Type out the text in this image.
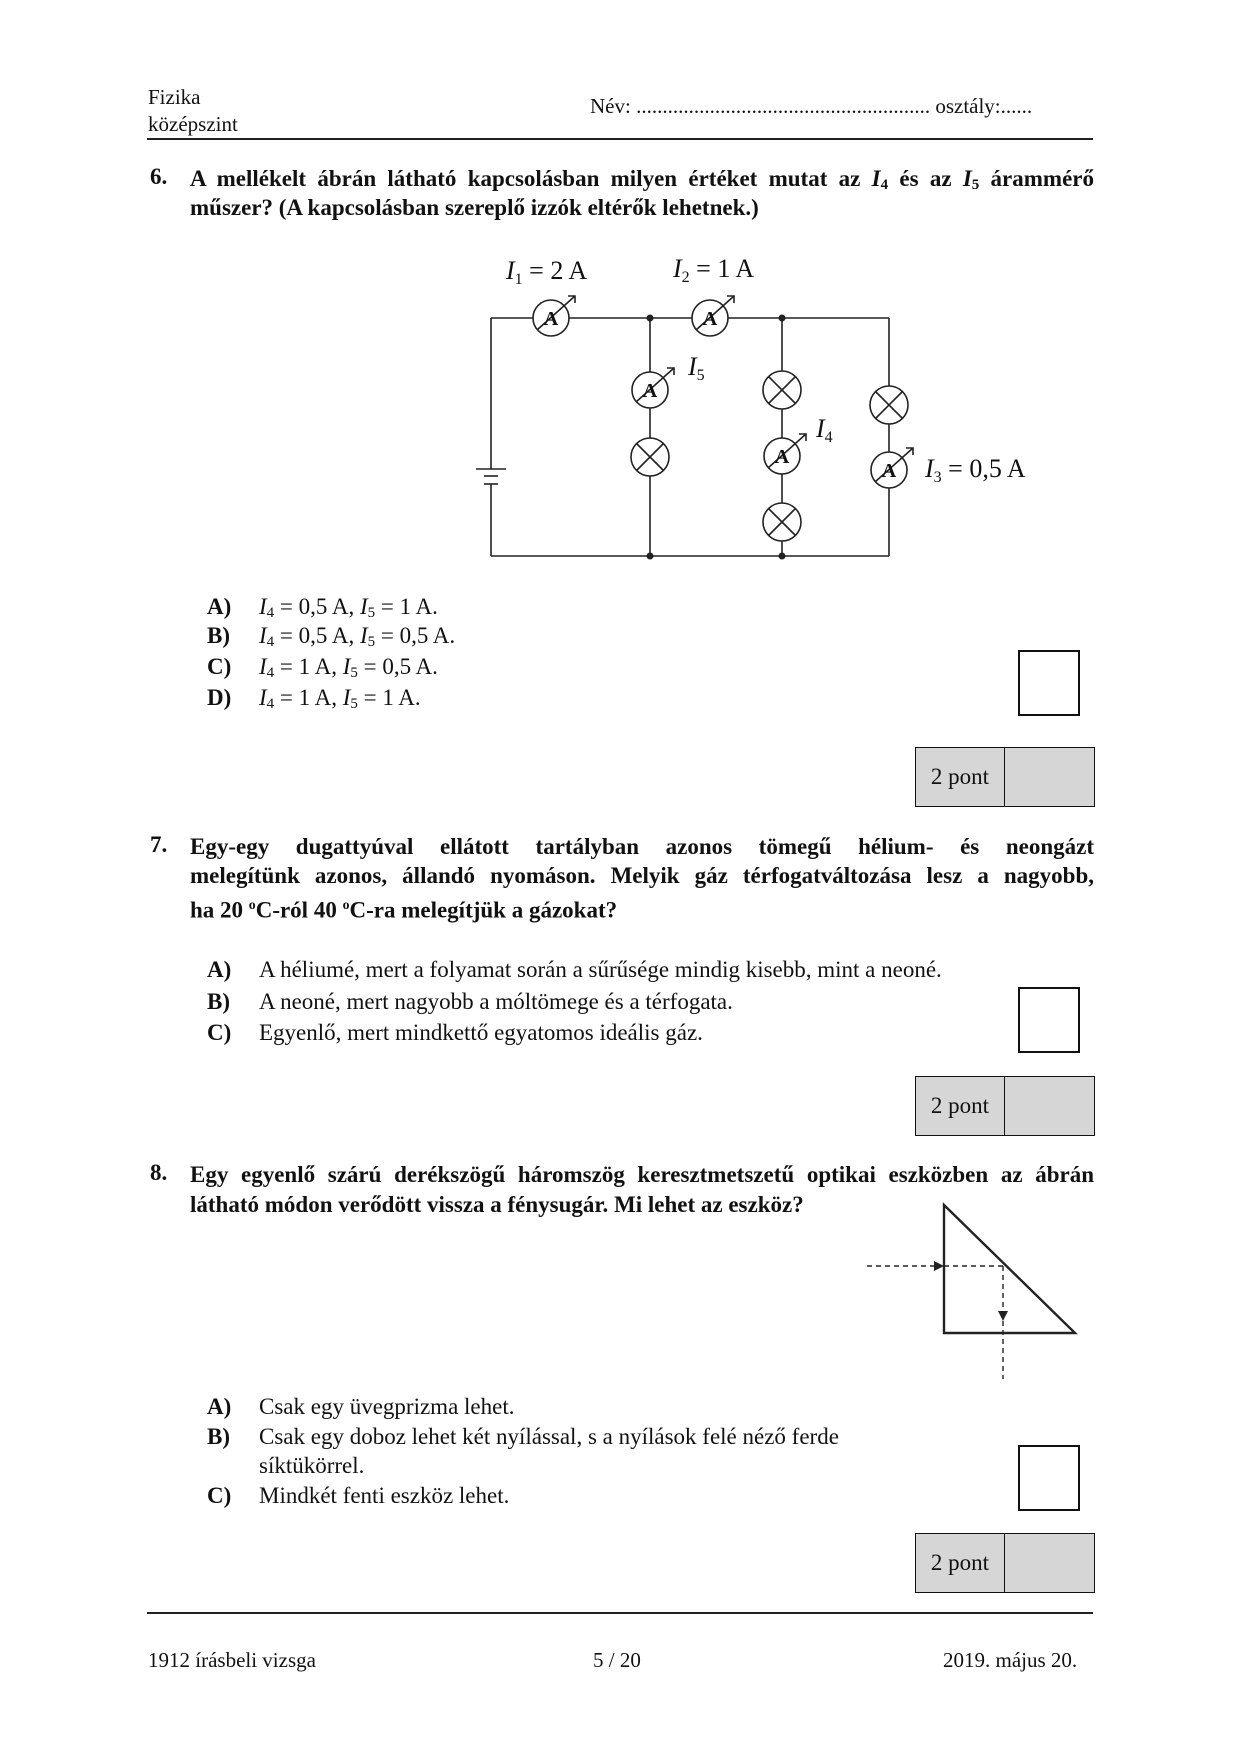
Fizika
középszint
Név: ........................................................ osztály:......
6. A mellékelt ábrán látható kapcsolásban milyen értéket mutat az $I_4$ és az $I_5$ árammérő
műszer? (A kapcsolásban szereplő izzók eltérők lehetnek.)
A	A
A
A
A
I1 = 2 A	I2 = 1 A
I5
I4
I3 = 0,5 A
A) $I_4 = 0,5$ A, $I_5 = 1$ A.
B) $I_4 = 0,5$ A, $I_5 = 0,5$ A.
C) $I_4 = 1$ A, $I_5 = 0,5$ A.
D) $I_4 = 1$ A, $I_5 = 1$ A.
2 pont
7. Egy-egy dugattyúval ellátott tartályban azonos tömegű hélium- és neongázt
melegítünk azonos, állandó nyomáson. Melyik gáz térfogatváltozása lesz a nagyobb,
ha 20 $^o$C-ról 40 $^o$C-ra melegítjük a gázokat?
A) A héliumé, mert a folyamat során a sűrűsége mindig kisebb, mint a neoné.
B) A neoné, mert nagyobb a móltömege és a térfogata.
C) Egyenlő, mert mindkettő egyatomos ideális gáz.
2 pont
8. Egy egyenlő szárú derékszögű háromszög keresztmetszetű optikai eszközben az ábrán
látható módon verődött vissza a fénysugár. Mi lehet az eszköz?
A) Csak egy üvegprizma lehet.
B) Csak egy doboz lehet két nyílással, s a nyílások felé néző ferde
síktükörrel.
C) Mindkét fenti eszköz lehet.
2 pont
1912 írásbeli vizsga	5 / 20	2019. május 20.
